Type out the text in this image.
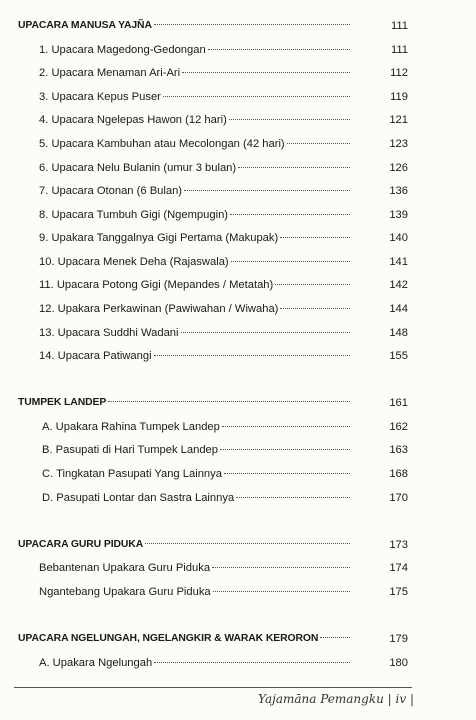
UPACARA MANUSA YAJÑA	111
1. Upacara Magedong-Gedongan	111
2. Upacara Menaman Ari-Ari	112
3. Upacara Kepus Puser	119
4. Upacara Ngelepas Hawon (12 hari)	121
5. Upacara Kambuhan atau Mecolongan (42 hari)	123
6. Upacara Nelu Bulanin (umur 3 bulan)	126
7. Upacara Otonan (6 Bulan)	136
8. Upacara Tumbuh Gigi (Ngempugin)	139
9. Upakara Tanggalnya Gigi Pertama (Makupak)	140
10. Upacara Menek Deha (Rajaswala)	141
11. Upacara Potong Gigi (Mepandes / Metatah)	142
12. Upakara Perkawinan (Pawiwahan / Wiwaha)	144
13. Upacara Suddhi Wadani	148
14. Upacara Patiwangi	155
TUMPEK LANDEP	161
A. Upakara Rahina Tumpek Landep	162
B. Pasupati di Hari Tumpek Landep	163
C. Tingkatan Pasupati Yang Lainnya	168
D. Pasupati Lontar dan Sastra Lainnya	170
UPACARA GURU PIDUKA	173
Bebantenan Upakara Guru Piduka	174
Ngantebang Upakara Guru Piduka	175
UPACARA NGELUNGAH, NGELANGKIR & WARAK KERORON	179
A. Upakara Ngelungah	180
Yajamāna Pemangku | iv |
